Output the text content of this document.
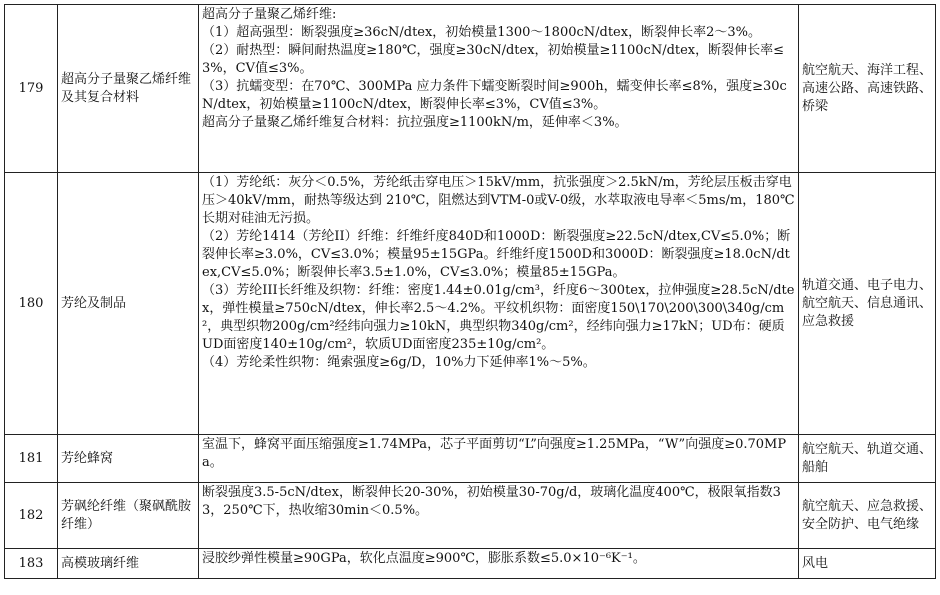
179	超高分子量聚乙烯纤维及其复合材料	超高分子量聚乙烯纤维:
（1）超高强型：断裂强度≥36cN/dtex，初始模量1300～1800cN/dtex，断裂伸长率2～3%。
（2）耐热型：瞬间耐热温度≥180℃，强度≥30cN/dtex，初始模量≥1100cN/dtex，断裂伸长率≤3%，CV值≤3%。
（3）抗蠕变型：在70℃、300MPa 应力条件下蠕变断裂时间≥900h，蠕变伸长率≤8%，强度≥30cN/dtex，初始模量≥1100cN/dtex，断裂伸长率≤3%，CV值≤3%。
超高分子量聚乙烯纤维复合材料：抗拉强度≥1100kN/m，延伸率＜3%。	航空航天、海洋工程、高速公路、高速铁路、桥梁
180	芳纶及制品	（1）芳纶纸：灰分＜0.5%，芳纶纸击穿电压＞15kV/mm，抗张强度＞2.5kN/m，芳纶层压板击穿电压＞40kV/mm，耐热等级达到 210℃，阻燃达到VTM-0或V-0级，水萃取液电导率＜5ms/m，180℃长期对硅油无污损。
（2）芳纶1414（芳纶II）纤维：纤维纤度840D和1000D：断裂强度≥22.5cN/dtex,CV≤5.0%；断裂伸长率≥3.0%，CV≤3.0%；模量95±15GPa。纤维纤度1500D和3000D：断裂强度≥18.0cN/dtex,CV≤5.0%；断裂伸长率3.5±1.0%，CV≤3.0%；模量85±15GPa。
（3）芳纶III长纤维及织物：纤维：密度1.44±0.01g/cm³，纤度6～300tex，拉伸强度≥28.5cN/dtex，弹性模量≥750cN/dtex，伸长率2.5～4.2%。平纹机织物：面密度150\170\200\300\340g/cm²，典型织物200g/cm²经纬向强力≥10kN，典型织物340g/cm²，经纬向强力≥17kN；UD布：硬质UD面密度140±10g/cm²，软质UD面密度235±10g/cm²。
（4）芳纶柔性织物：绳索强度≥6g/D，10%力下延伸率1%～5%。	轨道交通、电子电力、航空航天、信息通讯、应急救援
181	芳纶蜂窝	室温下，蜂窝平面压缩强度≥1.74MPa，芯子平面剪切“L”向强度≥1.25MPa，“W”向强度≥0.70MPa。	航空航天、轨道交通、船舶
182	芳砜纶纤维（聚砜酰胺纤维）	断裂强度3.5-5cN/dtex，断裂伸长20-30%，初始模量30-70g/d，玻璃化温度400℃，极限氧指数33，250℃下，热收缩30min＜0.5%。	航空航天、应急救援、安全防护、电气绝缘
183	高模玻璃纤维	浸胶纱弹性模量≥90GPa，软化点温度≥900℃，膨胀系数≤5.0×10⁻⁶K⁻¹。	风电
